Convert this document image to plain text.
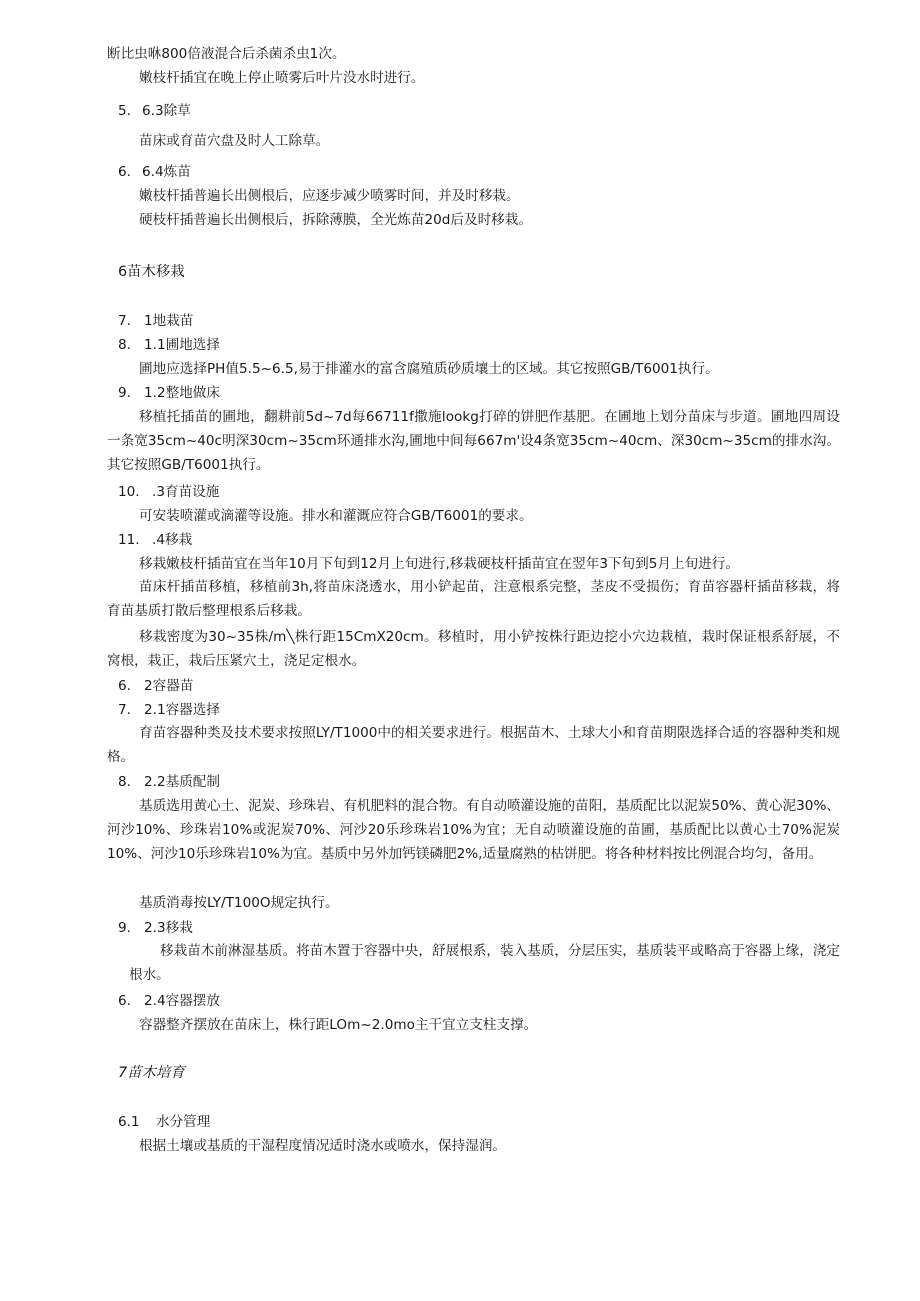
断比虫咻800倍液混合后杀菌杀虫1次。
嫩枝杆插宜在晚上停止喷雾后叶片没水时进行。
5. 6.3除草
苗床或育苗穴盘及时人工除草。
6. 6.4炼苗
嫩枝杆插普遍长出侧根后，应逐步减少喷雾时间，并及时移栽。
硬枝杆插普遍长出侧根后，拆除薄膜，全光炼苗20d后及时移栽。
6苗木移栽
7. 1地栽苗
8. 1.1圃地选择
圃地应选择PH值5.5~6.5,易于排灌水的富含腐殖质砂质壤土的区域。其它按照GB/T6001执行。
9. 1.2整地做床
移植托插苗的圃地，翻耕前5d~7d每66711f撒施lookg打碎的饼肥作基肥。在圃地上划分苗床与步道。圃地四周设一条宽35cm~40c明深30cm~35cm环通排水沟,圃地中间每667m'设4条宽35cm~40cm、深30cm~35cm的排水沟。其它按照GB/T6001执行。
10. .3育苗设施
可安装喷灌或滴灌等设施。排水和灌溉应符合GB/T6001的要求。
11. .4移栽
移栽嫩枝杆插苗宜在当年10月下旬到12月上旬进行,移栽硬枝杆插苗宜在翌年3下旬到5月上旬进行。
苗床杆插苗移植，移植前3h,将苗床浇透水，用小铲起苗，注意根系完整，茎皮不受损伤；育苗容器杆插苗移栽，将育苗基质打散后整理根系后移栽。
移栽密度为30~35株/m╲株行距15CmX20cm。移植时，用小铲按株行距边挖小穴边栽植，栽时保证根系舒展，不窝根，栽正，栽后压紧穴土，浇足定根水。
6. 2容器苗
7. 2.1容器选择
育苗容器种类及技术要求按照LY/T1000中的相关要求进行。根据苗木、土球大小和育苗期限选择合适的容器种类和规格。
8. 2.2基质配制
基质选用黄心土、泥炭、珍珠岩、有机肥料的混合物。有自动喷灌设施的苗阳，基质配比以泥炭50%、黄心泥30%、河沙10%、珍珠岩10%或泥炭70%、河沙20乐珍珠岩10%为宜；无自动喷灌设施的苗圃，基质配比以黄心土70%泥炭10%、河沙10乐珍珠岩10%为宜。基质中另外加钙镁磷肥2%,适量腐熟的枯饼肥。将各种材料按比例混合均匀，备用。
基质消毒按LY/T100O规定执行。
9. 2.3移栽
移栽苗木前淋湿基质。将苗木置于容器中央，舒展根系，装入基质，分层压实，基质装平或略高于容器上缘，浇定根水。
6. 2.4容器摆放
容器整齐摆放在苗床上，株行距LOm~2.0mo主干宜立支柱支撑。
7苗木培育
6.1 水分管理
根据土壤或基质的干湿程度情况适时浇水或喷水，保持湿润。
